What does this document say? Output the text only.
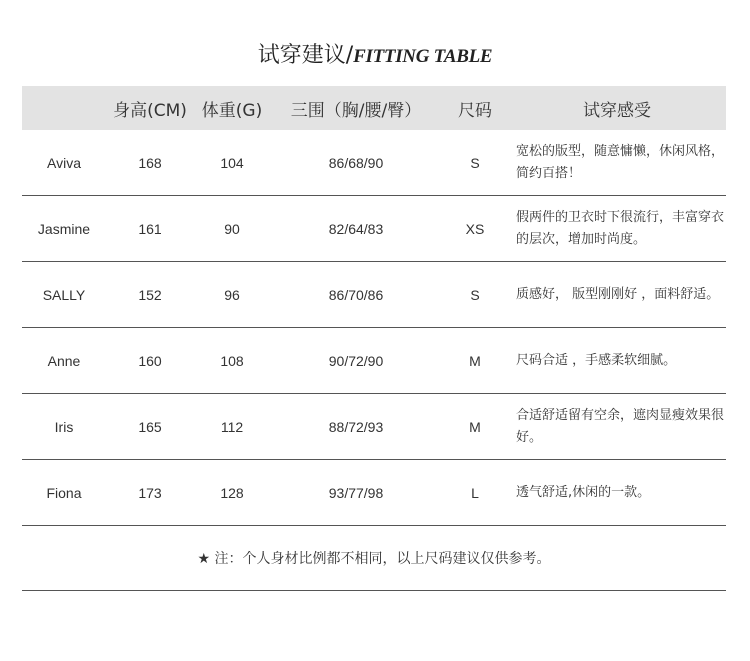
试穿建议/FITTING TABLE
	身高(CM)	体重(G)	三围（胸/腰/臀）	尺码	试穿感受
Aviva	168	104	86/68/90	S	宽松的版型，随意慵懒，休闲风格，简约百搭！
Jasmine	161	90	82/64/83	XS	假两件的卫衣时下很流行，丰富穿衣的层次，增加时尚度。
SALLY	152	96	86/70/86	S	质感好， 版型刚刚好 ，面料舒适。
Anne	160	108	90/72/90	M	尺码合适 ，手感柔软细腻。
Iris	165	112	88/72/93	M	合适舒适留有空余，遮肉显瘦效果很好。
Fiona	173	128	93/77/98	L	透气舒适,休闲的一款。
★ 注：个人身材比例都不相同，以上尺码建议仅供参考。					
